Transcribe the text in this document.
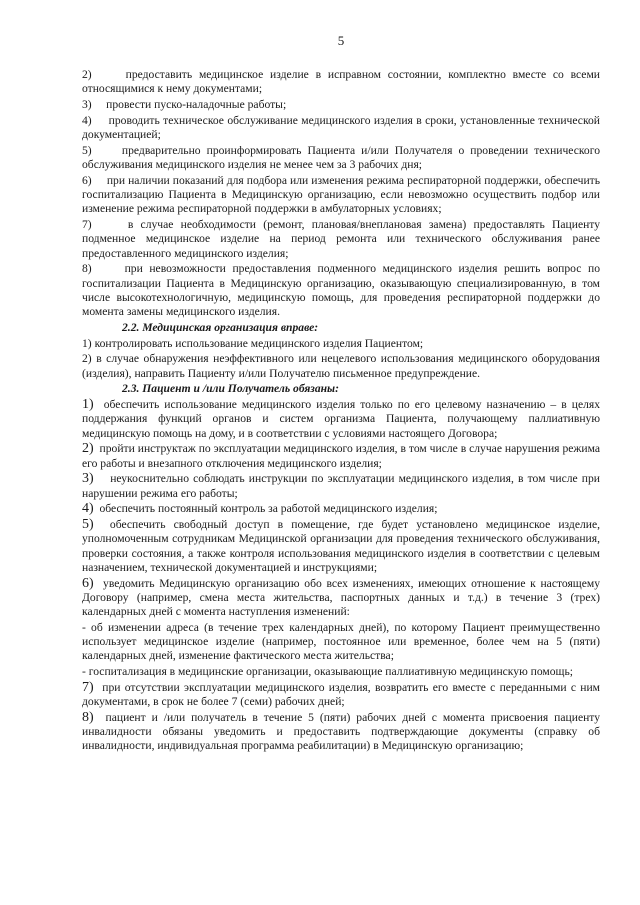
5

2)	предоставить медицинское изделие в исправном состоянии, комплектно вместе со всеми относящимися к нему документами;

3) провести пуско-наладочные работы;

4) проводить техническое обслуживание медицинского изделия в сроки, установленные технической документацией;

5)	предварительно проинформировать Пациента и/или Получателя о проведении технического обслуживания медицинского изделия не менее чем за 3 рабочих дня;

6) при наличии показаний для подбора или изменения режима респираторной поддержки, обеспечить госпитализацию Пациента в Медицинскую организацию, если невозможно осуществить подбор или изменение режима респираторной поддержки в амбулаторных условиях;

7)	в случае необходимости (ремонт, плановая/внеплановая замена) предоставлять Пациенту подменное медицинское изделие на период ремонта или технического обслуживания ранее предоставленного медицинского изделия;

8)	при невозможности предоставления подменного медицинского изделия решить вопрос по госпитализации Пациента в Медицинскую организацию, оказывающую специализированную, в том числе высокотехнологичную, медицинскую помощь, для проведения респираторной поддержки до момента замены медицинского изделия.

2.2. Медицинская организация вправе:

1) контролировать использование медицинского изделия Пациентом;

2) в случае обнаружения неэффективного или нецелевого использования медицинского оборудования (изделия), направить Пациенту и/или Получателю письменное предупреждение.

2.3. Пациент и /или Получатель обязаны:

1) обеспечить использование медицинского изделия только по его целевому назначению – в целях поддержания функций органов и систем организма Пациента, получающему паллиативную медицинскую помощь на дому, и в соответствии с условиями настоящего Договора;

2) пройти инструктаж по эксплуатации медицинского изделия, в том числе в случае нарушения режима его работы и внезапного отключения медицинского изделия;

3) неукоснительно соблюдать инструкции по эксплуатации медицинского изделия, в том числе при нарушении режима его работы;

4) обеспечить постоянный контроль за работой медицинского изделия;

5) обеспечить свободный доступ в помещение, где будет установлено медицинское изделие, уполномоченным сотрудникам Медицинской организации для проведения технического обслуживания, проверки состояния, а также контроля использования медицинского изделия в соответствии с целевым назначением, технической документацией и инструкциями;

6) уведомить Медицинскую организацию обо всех изменениях, имеющих отношение к настоящему Договору (например, смена места жительства, паспортных данных и т.д.) в течение 3 (трех) календарных дней с момента наступления изменений:

- об изменении адреса (в течение трех календарных дней), по которому Пациент преимущественно использует медицинское изделие (например, постоянное или временное, более чем на 5 (пяти) календарных дней, изменение фактического места жительства;

- госпитализация в медицинские организации, оказывающие паллиативную медицинскую помощь;

7) при отсутствии эксплуатации медицинского изделия, возвратить его вместе с переданными с ним документами, в срок не более 7 (семи) рабочих дней;

8) пациент и /или получатель в течение 5 (пяти) рабочих дней с момента присвоения пациенту инвалидности обязаны уведомить и предоставить подтверждающие документы (справку об инвалидности, индивидуальная программа реабилитации) в Медицинскую организацию;
